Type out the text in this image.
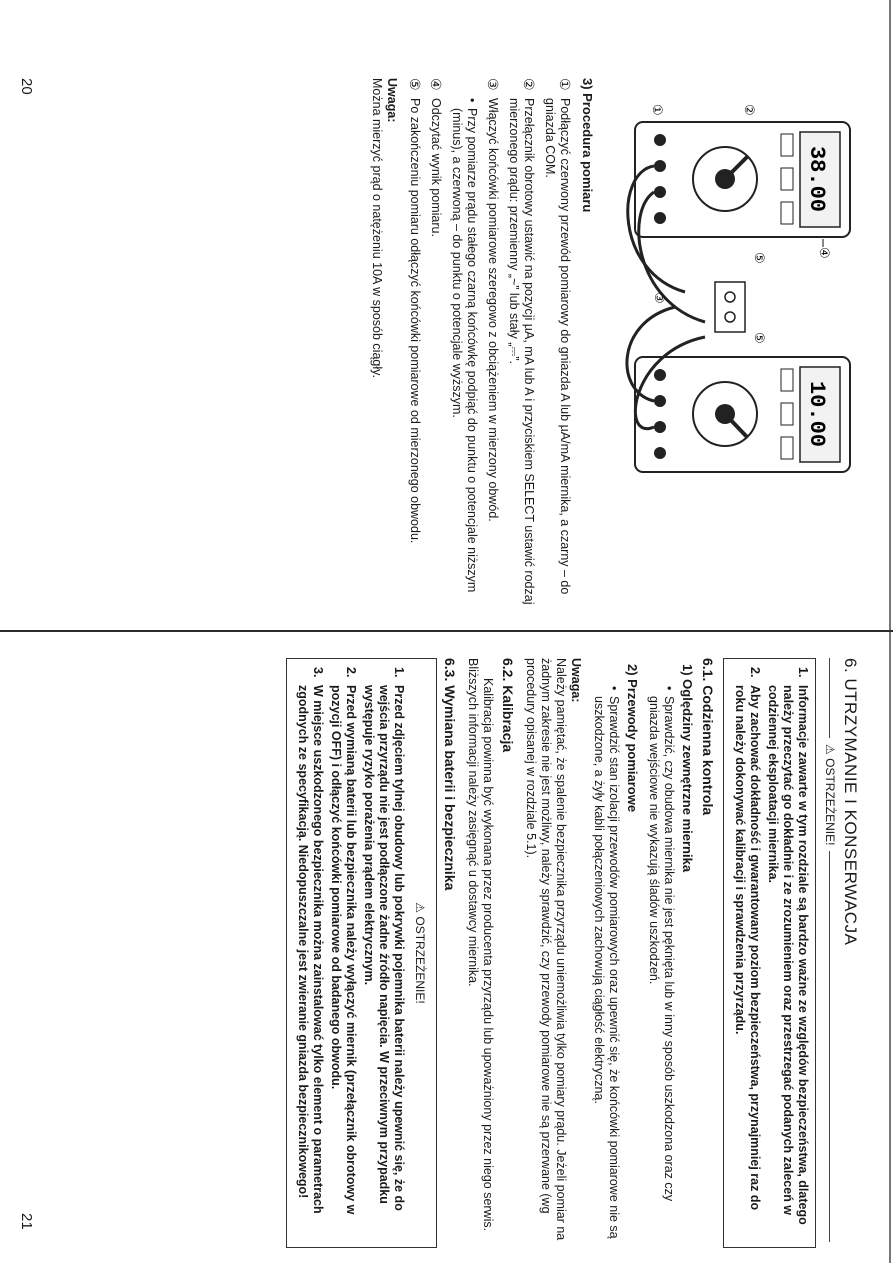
20
38.00
10.00
①	②
③
④
⑤
⑤
3) Procedura pomiaru
①
Podłączyć czerwony przewód pomiarowy do gniazda A lub µA/mA miernika, a czarny – do gniazda COM.
②
Przełącznik obrotowy ustawić na pozycji µA, mA lub A i przyciskiem SELECT ustawić rodzaj mierzonego prądu: przemienny „~” lub stały „⎓”.
③
Włączyć końcówki pomiarowe szeregowo z obciążeniem w mierzony obwód.
•
Przy pomiarze prądu stałego czarną końcówkę podpiąć do punktu o potencjale niższym (minus), a czerwoną – do punktu o potencjale wyższym.
④
Odczytać wynik pomiaru.
⑤
Po zakończeniu pomiaru odłączyć końcówki pomiarowe od mierzonego obwodu.
Uwaga:
Można mierzyć prąd o natężeniu 10A w sposób ciągły.
21
6. UTRZYMANIE I KONSERWACJA
⚠

OSTRZEŻENIE!
1.
Informacje zawarte w tym rozdziale są bardzo ważne ze względów bezpieczeństwa, dlatego należy przeczytać go dokładnie i ze zrozumieniem oraz przestrzegać podanych zaleceń w codziennej eksploatacji miernika.
2.
Aby zachować dokładność i gwarantowany poziom bezpieczeństwa, przynajmniej raz do roku należy dokonywać kalibracji i sprawdzenia przyrządu.
6.1. Codzienna kontrola
1) Oględziny zewnętrzne miernika
•
Sprawdzić, czy obudowa miernika nie jest pęknięta lub w inny sposób uszkodzona oraz czy gniazda wejściowe nie wykazują śladów uszkodzeń.
2) Przewody pomiarowe
•
Sprawdzić stan izolacji przewodów pomiarowych oraz upewnić się, że końcówki pomiarowe nie są uszkodzone, a żyły kabli połączeniowych zachowują ciągłość elektryczną.
Uwaga:

Należy pamiętać, że spalenie bezpiecznika przyrządu uniemożliwia tylko pomiary prądu. Jeżeli pomiar na żadnym zakresie nie jest możliwy, należy sprawdzić, czy przewody pomiarowe nie są przerwane (wg procedury opisanej w rozdziale 5.1).

6.2. Kalibracja

Kalibracja powinna być wykonana przez producenta przyrządu lub upoważniony przez niego serwis. Bliższych informacji należy zasięgnąć u dostawcy miernika.

6.3. Wymiana baterii i bezpiecznika
⚠

OSTRZEŻENIE!
1.
Przed zdjęciem tylnej obudowy lub pokrywki pojemnika baterii należy upewnić się, że do wejścia przyrządu nie jest podłączone żadne źródło napięcia. W przeciwnym przypadku występuje ryzyko porażenia prądem elektrycznym.
2.
Przed wymianą baterii lub bezpiecznika należy wyłączyć miernik (przełącznik obrotowy w pozycji OFF) i odłączyć końcówki pomiarowe od badanego obwodu.
3.
W miejsce uszkodzonego bezpiecznika można zainstalować tylko element o parametrach zgodnych ze specyfikacją. Niedopuszczalne jest zwieranie gniazda bezpiecznikowego!
